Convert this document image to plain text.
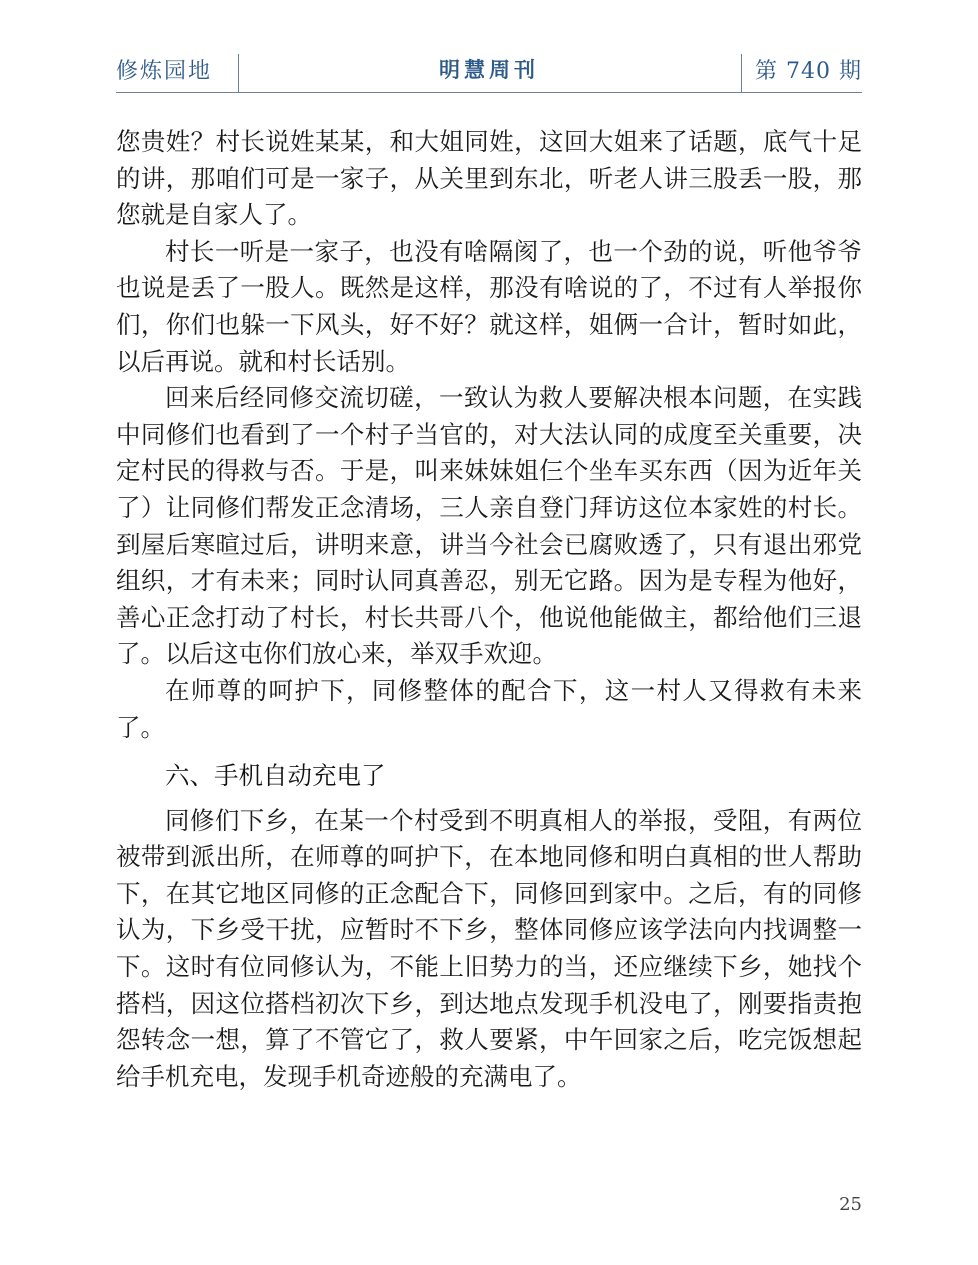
修炼园地	明慧周刊	第 740 期

您贵姓？村长说姓某某，和大姐同姓，这回大姐来了话题，底气十足的讲，那咱们可是一家子，从关里到东北，听老人讲三股丢一股，那您就是自家人了。

村长一听是一家子，也没有啥隔阂了，也一个劲的说，听他爷爷也说是丢了一股人。既然是这样，那没有啥说的了，不过有人举报你们，你们也躲一下风头，好不好？就这样，姐俩一合计，暂时如此，以后再说。就和村长话别。

回来后经同修交流切磋，一致认为救人要解决根本问题，在实践中同修们也看到了一个村子当官的，对大法认同的成度至关重要，决定村民的得救与否。于是，叫来妹妹姐仨个坐车买东西（因为近年关了）让同修们帮发正念清场，三人亲自登门拜访这位本家姓的村长。到屋后寒暄过后，讲明来意，讲当今社会已腐败透了，只有退出邪党组织，才有未来；同时认同真善忍，别无它路。因为是专程为他好，善心正念打动了村长，村长共哥八个，他说他能做主，都给他们三退了。以后这屯你们放心来，举双手欢迎。

在师尊的呵护下，同修整体的配合下，这一村人又得救有未来了。

六、手机自动充电了

同修们下乡，在某一个村受到不明真相人的举报，受阻，有两位被带到派出所，在师尊的呵护下，在本地同修和明白真相的世人帮助下，在其它地区同修的正念配合下，同修回到家中。之后，有的同修认为，下乡受干扰，应暂时不下乡，整体同修应该学法向内找调整一下。这时有位同修认为，不能上旧势力的当，还应继续下乡，她找个搭档，因这位搭档初次下乡，到达地点发现手机没电了，刚要指责抱怨转念一想，算了不管它了，救人要紧，中午回家之后，吃完饭想起给手机充电，发现手机奇迹般的充满电了。

25
